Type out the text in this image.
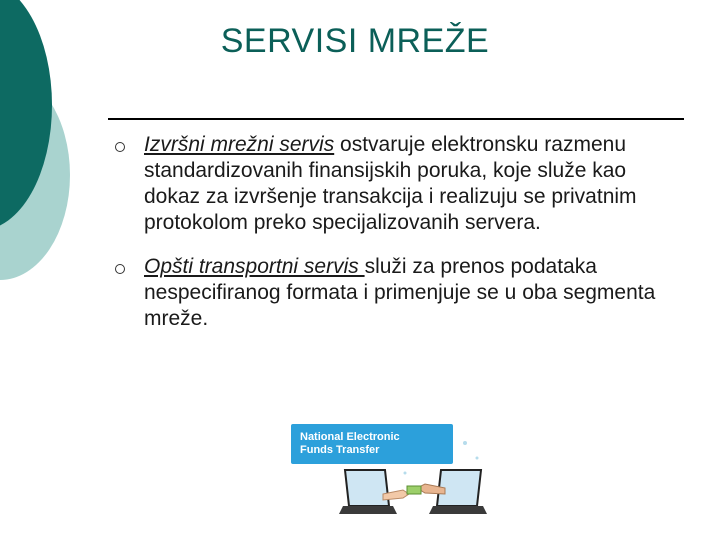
SERVISI MREŽE
Izvršni mrežni servis ostvaruje elektronsku razmenu standardizovanih finansijskih poruka, koje služe kao dokaz za izvršenje transakcija i realizuju se privatnim protokolom preko specijalizovanih servera.
Opšti transportni servis služi za prenos podataka nespecifiranog formata i primenjuje se u oba segmenta mreže.
National Electronic
Funds Transfer
